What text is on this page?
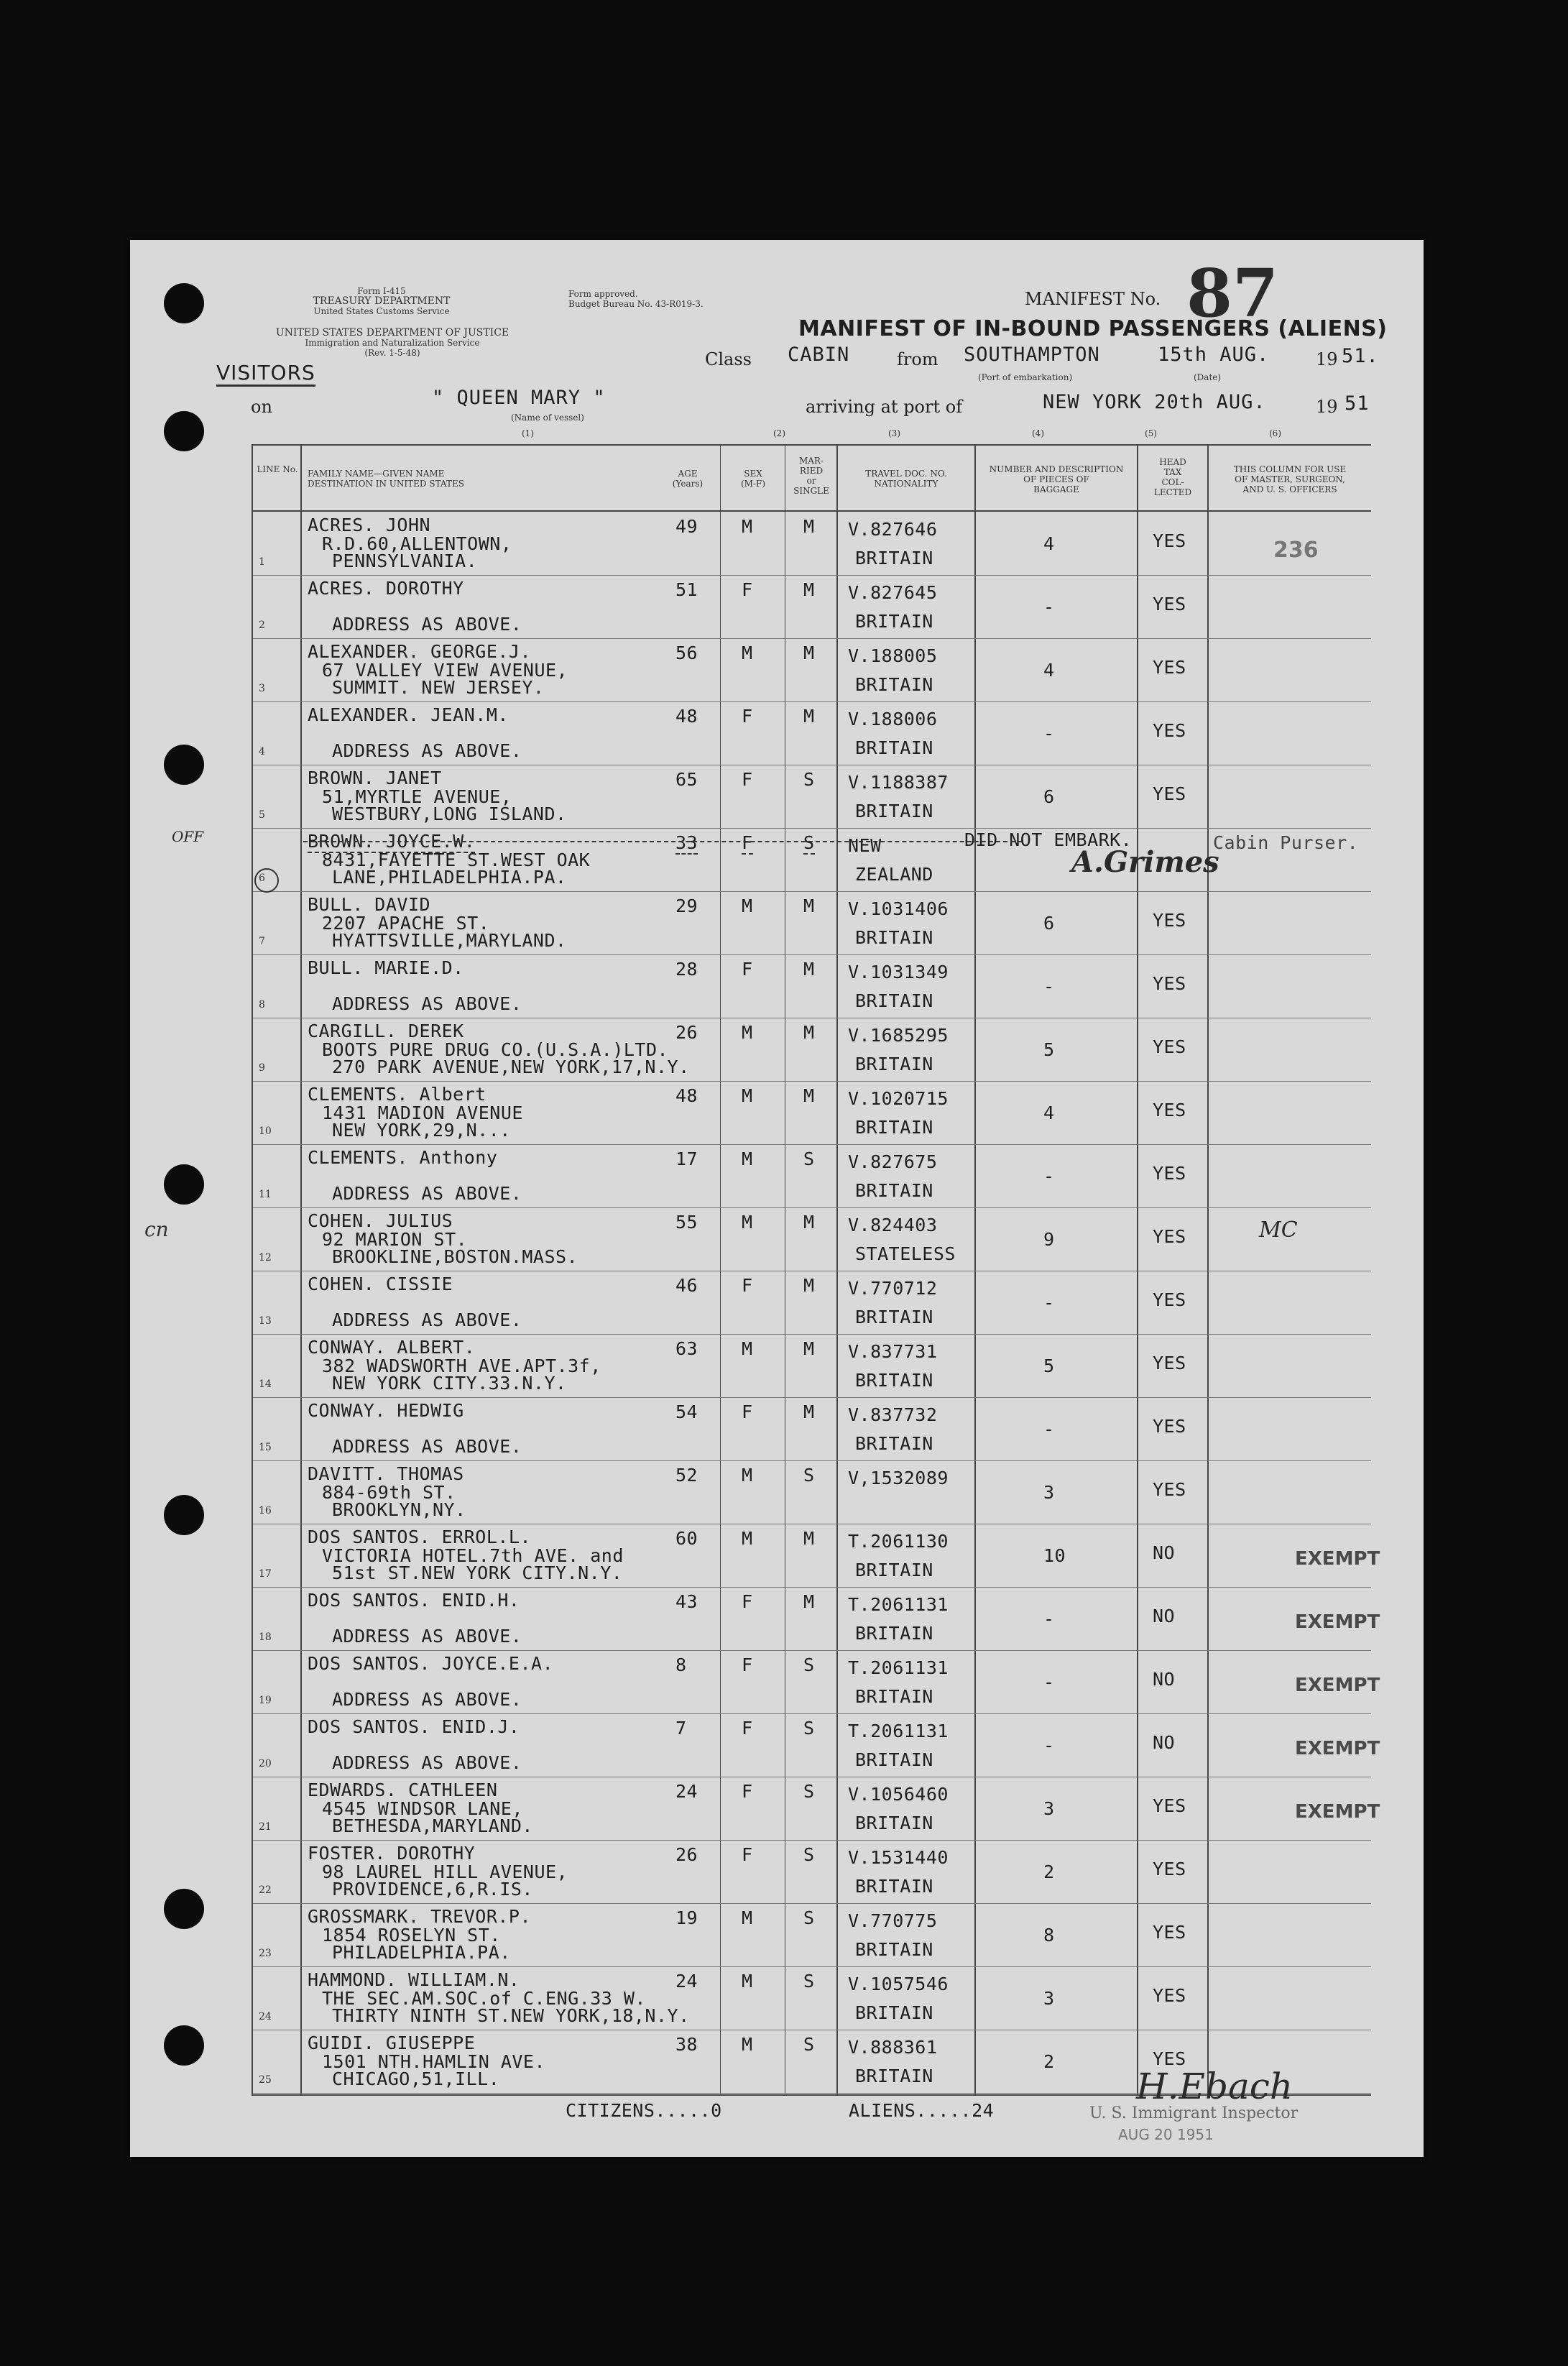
Form I-415
TREASURY DEPARTMENT
United States Customs Service
UNITED STATES DEPARTMENT OF JUSTICE
Immigration and Naturalization Service
(Rev. 1-5-48)
Form approved.
Budget Bureau No. 43-R019-3.	MANIFEST No. 87
MANIFEST OF IN-BOUND PASSENGERS (ALIENS)
VISITORS
Class CABIN	from SOUTHAMPTON
(Port of embarkation)
15th AUG.
(Date)
19 51.
on	" QUEEN MARY "
(Name of vessel)
arriving at port of	NEW YORK 20th AUG.	19 51
(1)	(2)	(3)	(4)	(5)	(6)
LINE No. FAMILY NAME—GIVEN NAME
DESTINATION IN UNITED STATES
AGE
(Years)
SEX
(M-F)
MAR-
RIED
or
SINGLE
TRAVEL DOC. NO.
NATIONALITY
NUMBER AND DESCRIPTION
OF PIECES OF
BAGGAGE
HEAD
TAX
COL-
LECTED
THIS COLUMN FOR USE
OF MASTER, SURGEON,
AND U. S. OFFICERS
1
ACRES. JOHN
R.D.60,ALLENTOWN,
PENNSYLVANIA.
49 M	M V.827646
BRITAIN
4	YES	236
2
ACRES. DOROTHY
ADDRESS AS ABOVE.
51 F	M V.827645
BRITAIN
-	YES
3
ALEXANDER. GEORGE.J.
67 VALLEY VIEW AVENUE,
SUMMIT. NEW JERSEY.
56 M	M V.188005
BRITAIN
4	YES
4
ALEXANDER. JEAN.M.
ADDRESS AS ABOVE.
48 F	M V.188006
BRITAIN
-	YES
5
BROWN. JANET
51,MYRTLE AVENUE,
WESTBURY,LONG ISLAND.
65 F	S V.1188387
BRITAIN
6	YES
6
BROWN. JOYCE.W.
8431,FAYETTE ST.WEST OAK
LANE,PHILADELPHIA.PA.
33 F	S NEW
ZEALAND
DID NOT EMBARK.	Cabin Purser.
7
BULL. DAVID
2207 APACHE ST.
HYATTSVILLE,MARYLAND.
29 M	M V.1031406
BRITAIN
6	YES
8
BULL. MARIE.D.
ADDRESS AS ABOVE.
28 F	M V.1031349
BRITAIN
-	YES
9
CARGILL. DEREK
BOOTS PURE DRUG CO.(U.S.A.)LTD.
270 PARK AVENUE,NEW YORK,17,N.Y.
26 M	M V.1685295
BRITAIN
5	YES
10
CLEMENTS. Albert
1431 MADION AVENUE
NEW YORK,29,N...
48 M	M V.1020715
BRITAIN
4	YES
11
CLEMENTS. Anthony
ADDRESS AS ABOVE.
17 M	S V.827675
BRITAIN
-	YES
12
COHEN. JULIUS
92 MARION ST.
BROOKLINE,BOSTON.MASS.
55 M	M V.824403
STATELESS
9	YES	MC
13
COHEN. CISSIE
ADDRESS AS ABOVE.
46 F	M V.770712
BRITAIN
-	YES
14
CONWAY. ALBERT.
382 WADSWORTH AVE.APT.3f,
NEW YORK CITY.33.N.Y.
63 M	M V.837731
BRITAIN
5	YES
15
CONWAY. HEDWIG
ADDRESS AS ABOVE.
54 F	M V.837732
BRITAIN
-	YES
16
DAVITT. THOMAS
884-69th ST.
BROOKLYN,NY.
52 M	S V,1532089
3	YES
17
DOS SANTOS. ERROL.L.
VICTORIA HOTEL.7th AVE. and
51st ST.NEW YORK CITY.N.Y.
60 M	M T.2061130
BRITAIN
10	NO	EXEMPT
18
DOS SANTOS. ENID.H.
ADDRESS AS ABOVE.
43 F	M T.2061131
BRITAIN
-	NO	EXEMPT
19
DOS SANTOS. JOYCE.E.A.
ADDRESS AS ABOVE.
8	F	S T.2061131
BRITAIN
-	NO	EXEMPT
20
DOS SANTOS. ENID.J.
ADDRESS AS ABOVE.
7	F	S T.2061131
BRITAIN
-	NO	EXEMPT
21
EDWARDS. CATHLEEN
4545 WINDSOR LANE,
BETHESDA,MARYLAND.
24 F	S V.1056460
BRITAIN
3	YES	EXEMPT
22
FOSTER. DOROTHY
98 LAUREL HILL AVENUE,
PROVIDENCE,6,R.IS.
26 F	S V.1531440
BRITAIN
2	YES
23
GROSSMARK. TREVOR.P.
1854 ROSELYN ST.
PHILADELPHIA.PA.
19 M	S V.770775
BRITAIN
8	YES
24
HAMMOND. WILLIAM.N.
THE SEC.AM.SOC.of C.ENG.33 W.
THIRTY NINTH ST.NEW YORK,18,N.Y.
24 M	S V.1057546
BRITAIN
3	YES
25
GUIDI. GIUSEPPE
1501 NTH.HAMLIN AVE.
CHICAGO,51,ILL.
38 M	S V.888361
BRITAIN
2	YES
OFF
cn
A.Grimes
CITIZENS.....0	ALIENS.....24	U. S. Immigrant Inspector
H.Ebach
AUG 20 1951
